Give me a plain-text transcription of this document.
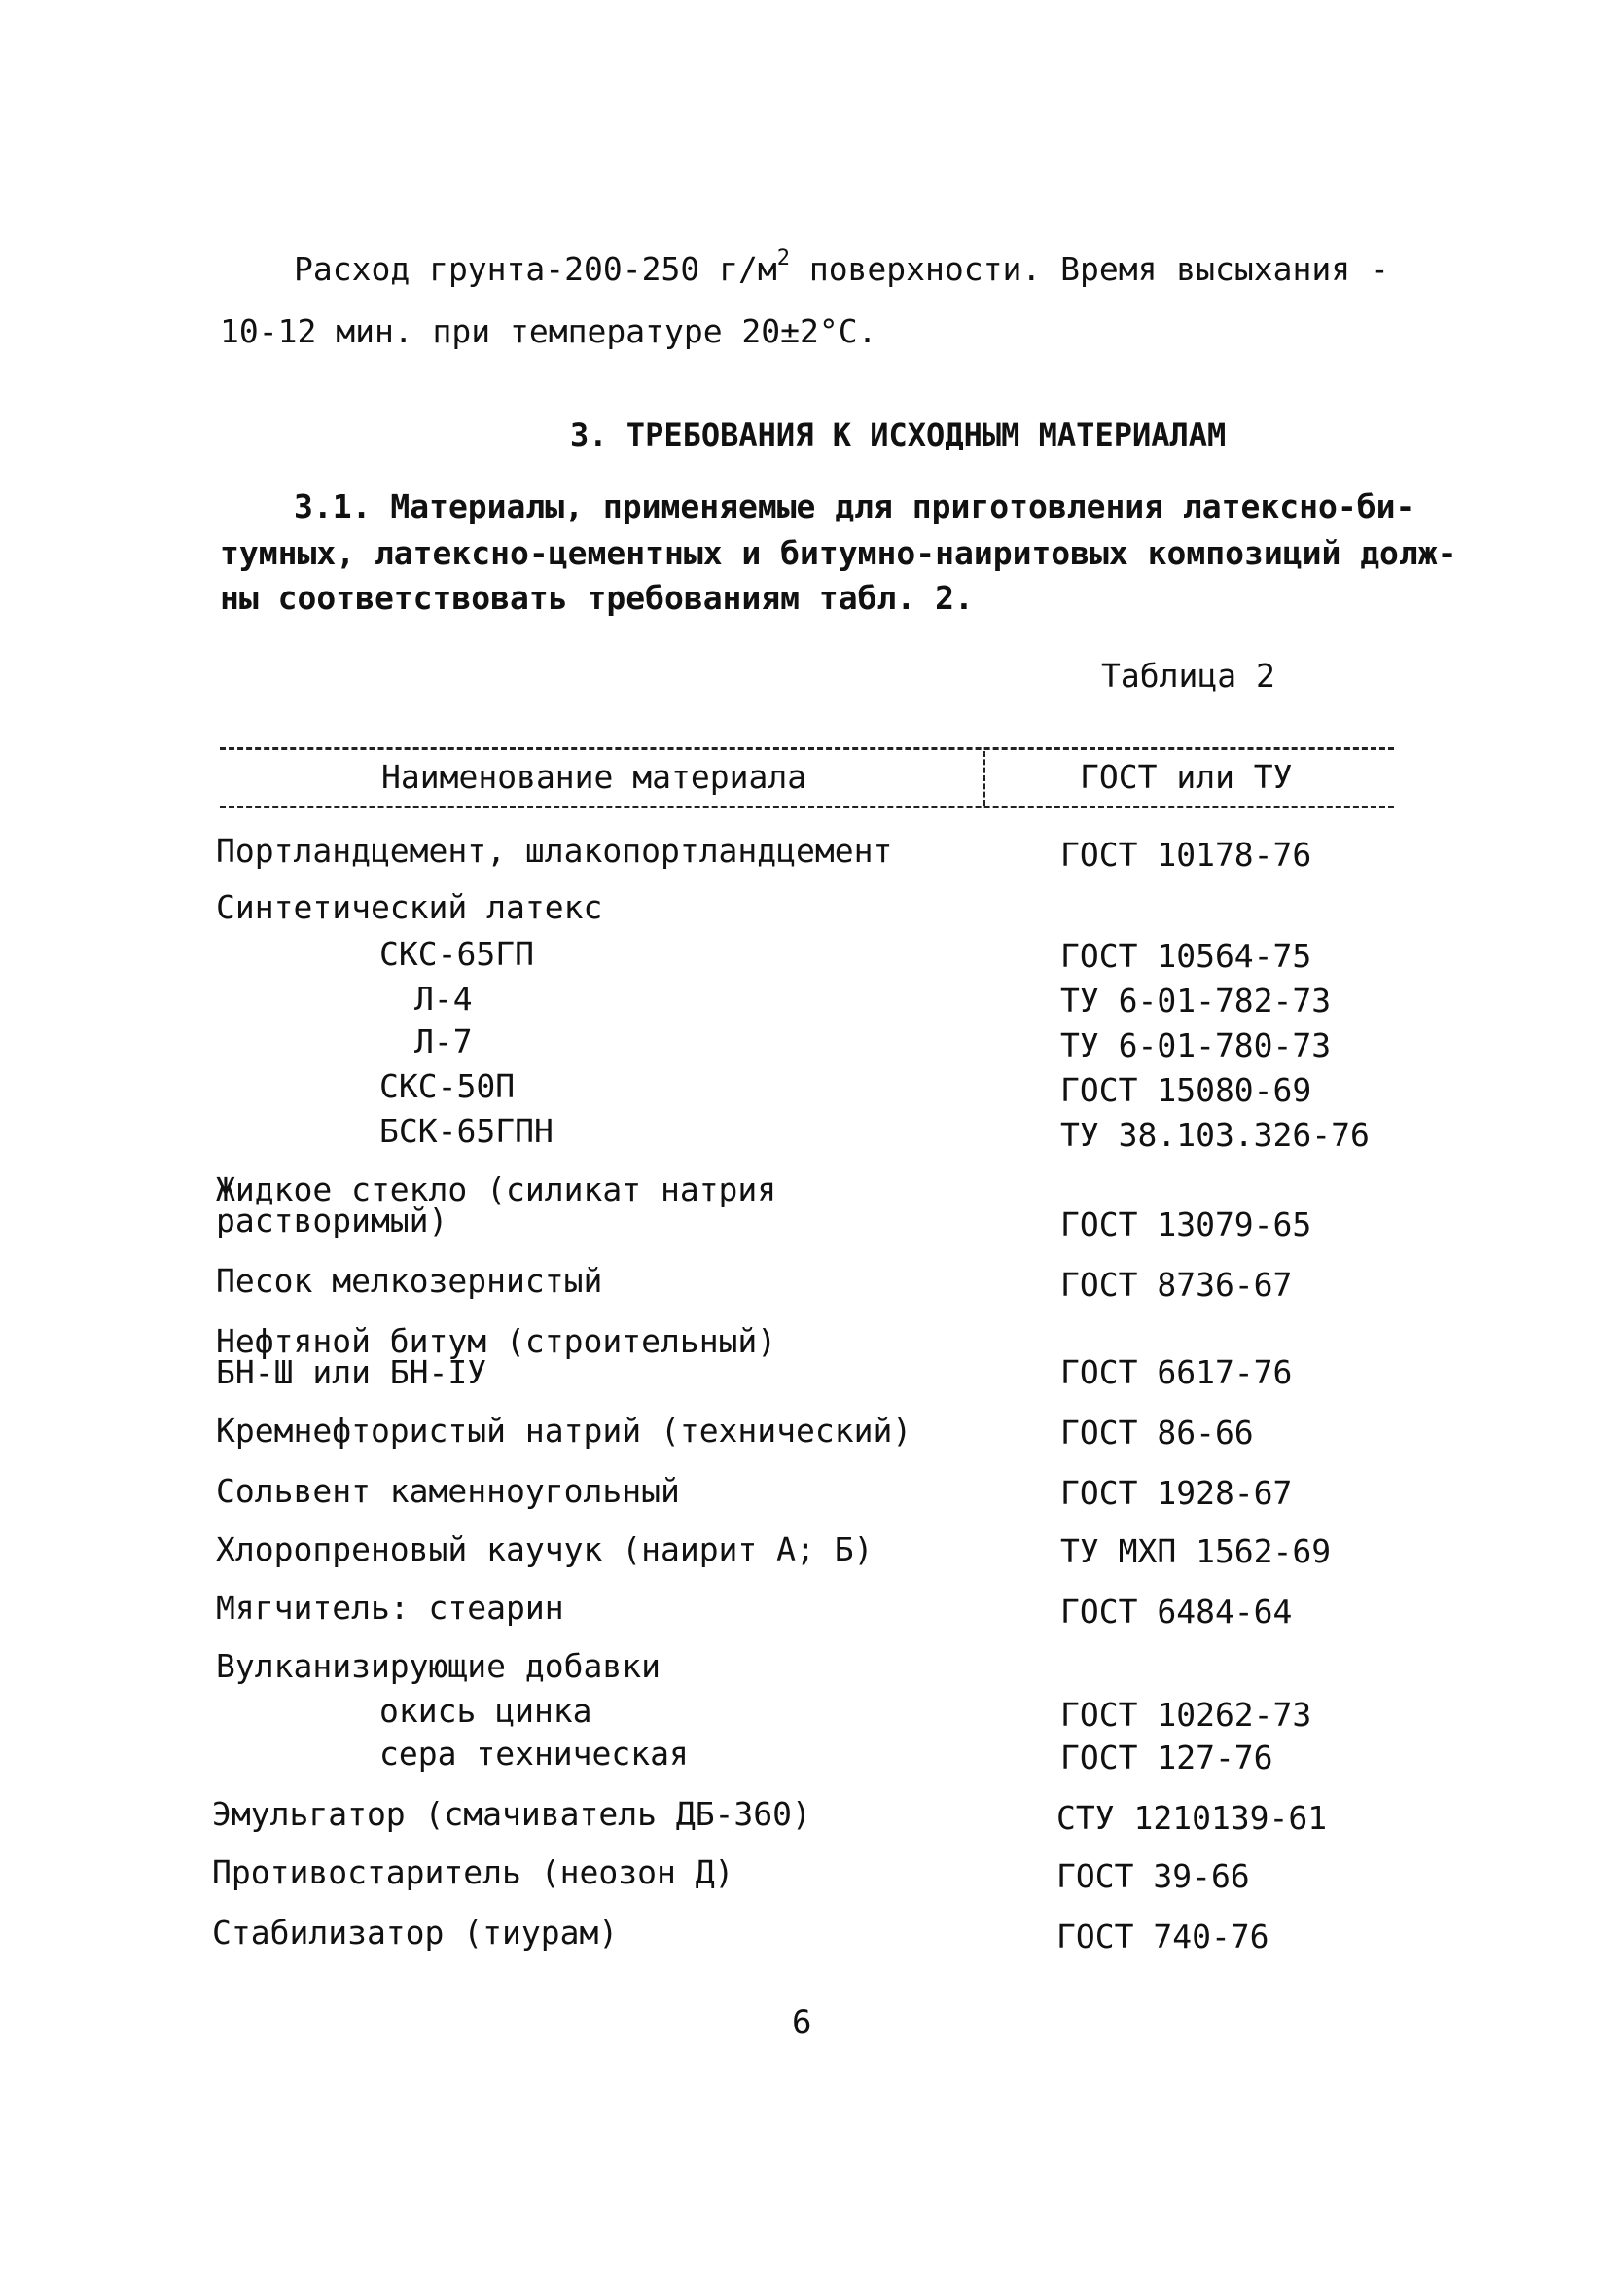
Расход грунта-200-250 $г/м^2$ поверхности. Время высыхания -
10-12 мин. при температуре 20±2°С.
3. ТРЕБОВАНИЯ К ИСХОДНЫМ МАТЕРИАЛАМ
3.1. Материалы, применяемые для приготовления латексно-би-
тумных, латексно-цементных и битумно-наиритовых композиций долж-
ны соответствовать требованиям табл. 2.
Таблица 2
Наименование материала	ГОСТ или ТУ
Портландцемент, шлакопортландцемент
Синтетический латекс
СКС-65ГП
Л-4
Л-7
СКС-50П
БСК-65ГПН
Жидкое стекло (силикат натрия
растворимый)
Песок мелкозернистый
Нефтяной битум (строительный)
БН-Ш или БН-IУ
Кремнефтористый натрий (технический)
Сольвент каменноугольный
Хлоропреновый каучук (наирит А; Б)
Мягчитель: стеарин
Вулканизирующие добавки
окись цинка
сера техническая
Эмульгатор (смачиватель ДБ-360)
Противостаритель (неозон Д)
Стабилизатор (тиурам)
ГОСТ 10178-76
ГОСТ 10564-75
ТУ 6-01-782-73
ТУ 6-01-780-73
ГОСТ 15080-69
ТУ 38.103.326-76
ГОСТ 13079-65
ГОСТ 8736-67
ГОСТ 6617-76
ГОСТ 86-66
ГОСТ 1928-67
ТУ МХП 1562-69
ГОСТ 6484-64
ГОСТ 10262-73
ГОСТ 127-76
СТУ 1210139-61
ГОСТ 39-66
ГОСТ 740-76
6
